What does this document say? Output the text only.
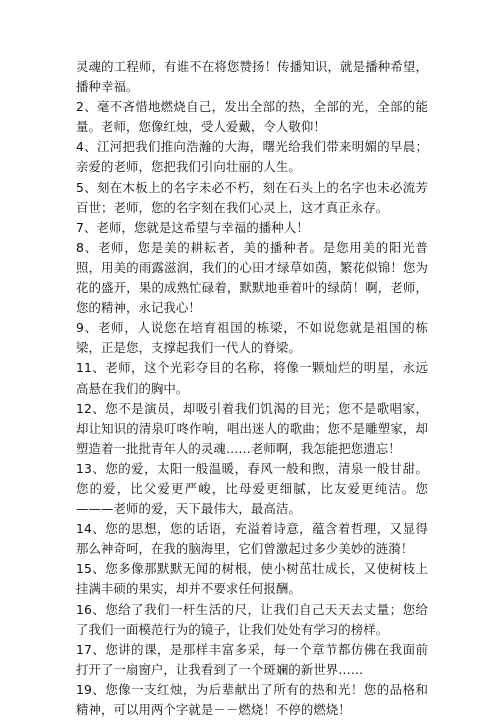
灵魂的工程师，有谁不在将您赞扬！传播知识，就是播种希望，播种幸福。

2、毫不吝惜地燃烧自己，发出全部的热，全部的光，全部的能量。老师，您像红烛，受人爱戴，令人敬仰！

4、江河把我们推向浩瀚的大海，曙光给我们带来明媚的早晨；亲爱的老师，您把我们引向壮丽的人生。

5、刻在木板上的名字未必不朽，刻在石头上的名字也未必流芳百世；老师，您的名字刻在我们心灵上，这才真正永存。

7、老师，您就是这希望与幸福的播种人！

8、老师，您是美的耕耘者，美的播种者。是您用美的阳光普照，用美的雨露滋润，我们的心田才绿草如茵，繁花似锦！您为花的盛开，果的成熟忙碌着，默默地垂着叶的绿荫！啊，老师，您的精神，永记我心！

9、老师，人说您在培育祖国的栋梁，不如说您就是祖国的栋梁，正是您，支撑起我们一代人的脊梁。

11、老师，这个光彩夺目的名称，将像一颗灿烂的明星，永远高悬在我们的胸中。

12、您不是演员，却吸引着我们饥渴的目光；您不是歌唱家，却让知识的清泉叮咚作响，唱出迷人的歌曲；您不是雕塑家，却塑造着一批批青年人的灵魂……老师啊，我怎能把您遗忘！

13、您的爱，太阳一般温暖，春风一般和煦，清泉一般甘甜。您的爱，比父爱更严峻，比母爱更细腻，比友爱更纯洁。您———老师的爱，天下最伟大，最高洁。

14、您的思想，您的话语，充溢着诗意，蕴含着哲理，又显得那么神奇呵，在我的脑海里，它们曾激起过多少美妙的涟漪！

15、您多像那默默无闻的树根，使小树茁壮成长，又使树枝上挂满丰硕的果实，却并不要求任何报酬。

16、您给了我们一杆生活的尺，让我们自己天天去丈量；您给了我们一面模范行为的镜子，让我们处处有学习的榜样。

17、您讲的课，是那样丰富多采，每一个章节都仿佛在我面前打开了一扇窗户，让我看到了一个斑斓的新世界……

19、您像一支红烛，为后辈献出了所有的热和光！您的品格和精神，可以用两个字就是－－燃烧！不停的燃烧！
